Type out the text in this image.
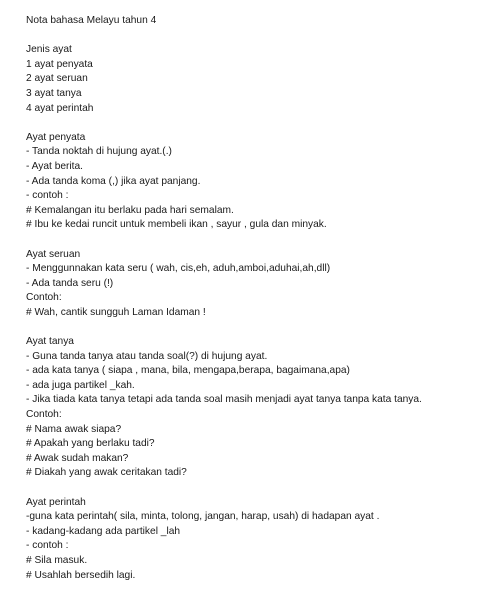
Nota bahasa Melayu tahun 4
Jenis ayat
1 ayat penyata
2 ayat seruan
3 ayat tanya
4 ayat perintah
Ayat penyata
- Tanda noktah di hujung ayat.(.)
- Ayat berita.
- Ada tanda koma (,) jika ayat panjang.
- contoh :
# Kemalangan itu berlaku pada hari semalam.
# Ibu ke kedai runcit untuk membeli ikan , sayur , gula dan minyak.
Ayat seruan
- Menggunnakan kata seru ( wah, cis,eh, aduh,amboi,aduhai,ah,dll)
- Ada tanda seru (!)
Contoh:
# Wah, cantik sungguh Laman Idaman !
Ayat tanya
- Guna tanda tanya atau tanda soal(?) di hujung ayat.
- ada kata tanya ( siapa , mana, bila, mengapa,berapa, bagaimana,apa)
- ada juga partikel _kah.
- Jika tiada kata tanya tetapi ada tanda soal masih menjadi ayat tanya tanpa kata tanya.
Contoh:
# Nama awak siapa?
# Apakah yang berlaku tadi?
# Awak sudah makan?
# Diakah yang awak ceritakan tadi?
Ayat perintah
-guna kata perintah( sila, minta, tolong, jangan, harap, usah) di hadapan ayat .
- kadang-kadang ada partikel _lah
- contoh :
# Sila masuk.
# Usahlah bersedih lagi.
